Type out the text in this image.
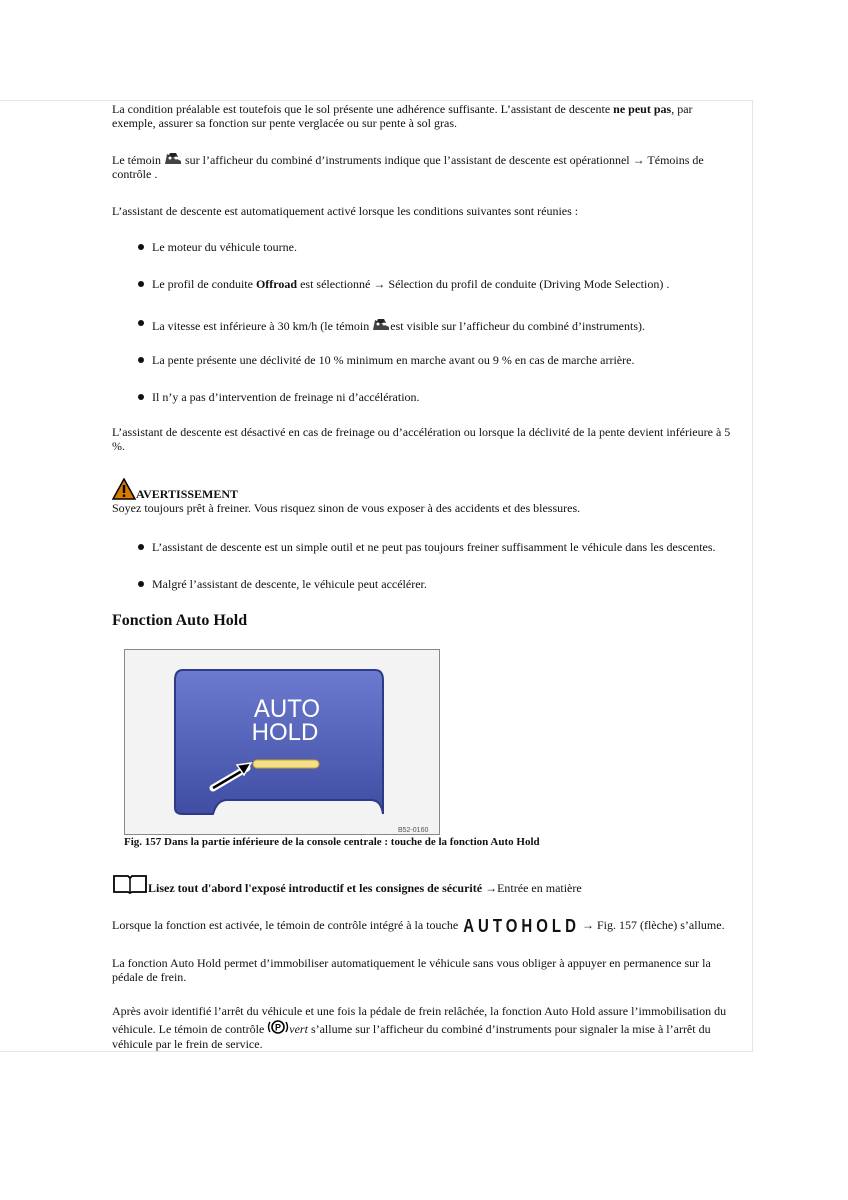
La condition préalable est toutefois que le sol présente une adhérence suffisante. L’assistant de descente ne peut pas, par exemple, assurer sa fonction sur pente verglacée ou sur pente à sol gras.
Le témoin  sur l’afficheur du combiné d’instruments indique que l’assistant de descente est opérationnel → Témoins de contrôle .
L’assistant de descente est automatiquement activé lorsque les conditions suivantes sont réunies :
Le moteur du véhicule tourne.
Le profil de conduite Offroad est sélectionné → Sélection du profil de conduite (Driving Mode Selection) .
La vitesse est inférieure à 30 km/h (le témoin est visible sur l’afficheur du combiné d’instruments).
La pente présente une déclivité de 10 % minimum en marche avant ou 9 % en cas de marche arrière.
Il n’y a pas d’intervention de freinage ni d’accélération.
L’assistant de descente est désactivé en cas de freinage ou d’accélération ou lorsque la déclivité de la pente devient inférieure à 5 %.
AVERTISSEMENT
Soyez toujours prêt à freiner. Vous risquez sinon de vous exposer à des accidents et des blessures.
L’assistant de descente est un simple outil et ne peut pas toujours freiner suffisamment le véhicule dans les descentes.
Malgré l’assistant de descente, le véhicule peut accélérer.
Fonction Auto Hold
AUTO
HOLD
B52-0160
Fig. 157 Dans la partie inférieure de la console centrale : touche de la fonction Auto Hold
Lisez tout d'abord l'exposé introductif et les consignes de sécurité →Entrée en matière
Lorsque la fonction est activée, le témoin de contrôle intégré à la touche AUTOHOLD → Fig. 157 (flèche) s’allume.
La fonction Auto Hold permet d’immobiliser automatiquement le véhicule sans vous obliger à appuyer en permanence sur la pédale de frein.
Après avoir identifié l’arrêt du véhicule et une fois la pédale de frein relâchée, la fonction Auto Hold assure l’immobilisation du véhicule. Le témoin de contrôle P vert s’allume sur l’afficheur du combiné d’instruments pour signaler la mise à l’arrêt du véhicule par le frein de service.
